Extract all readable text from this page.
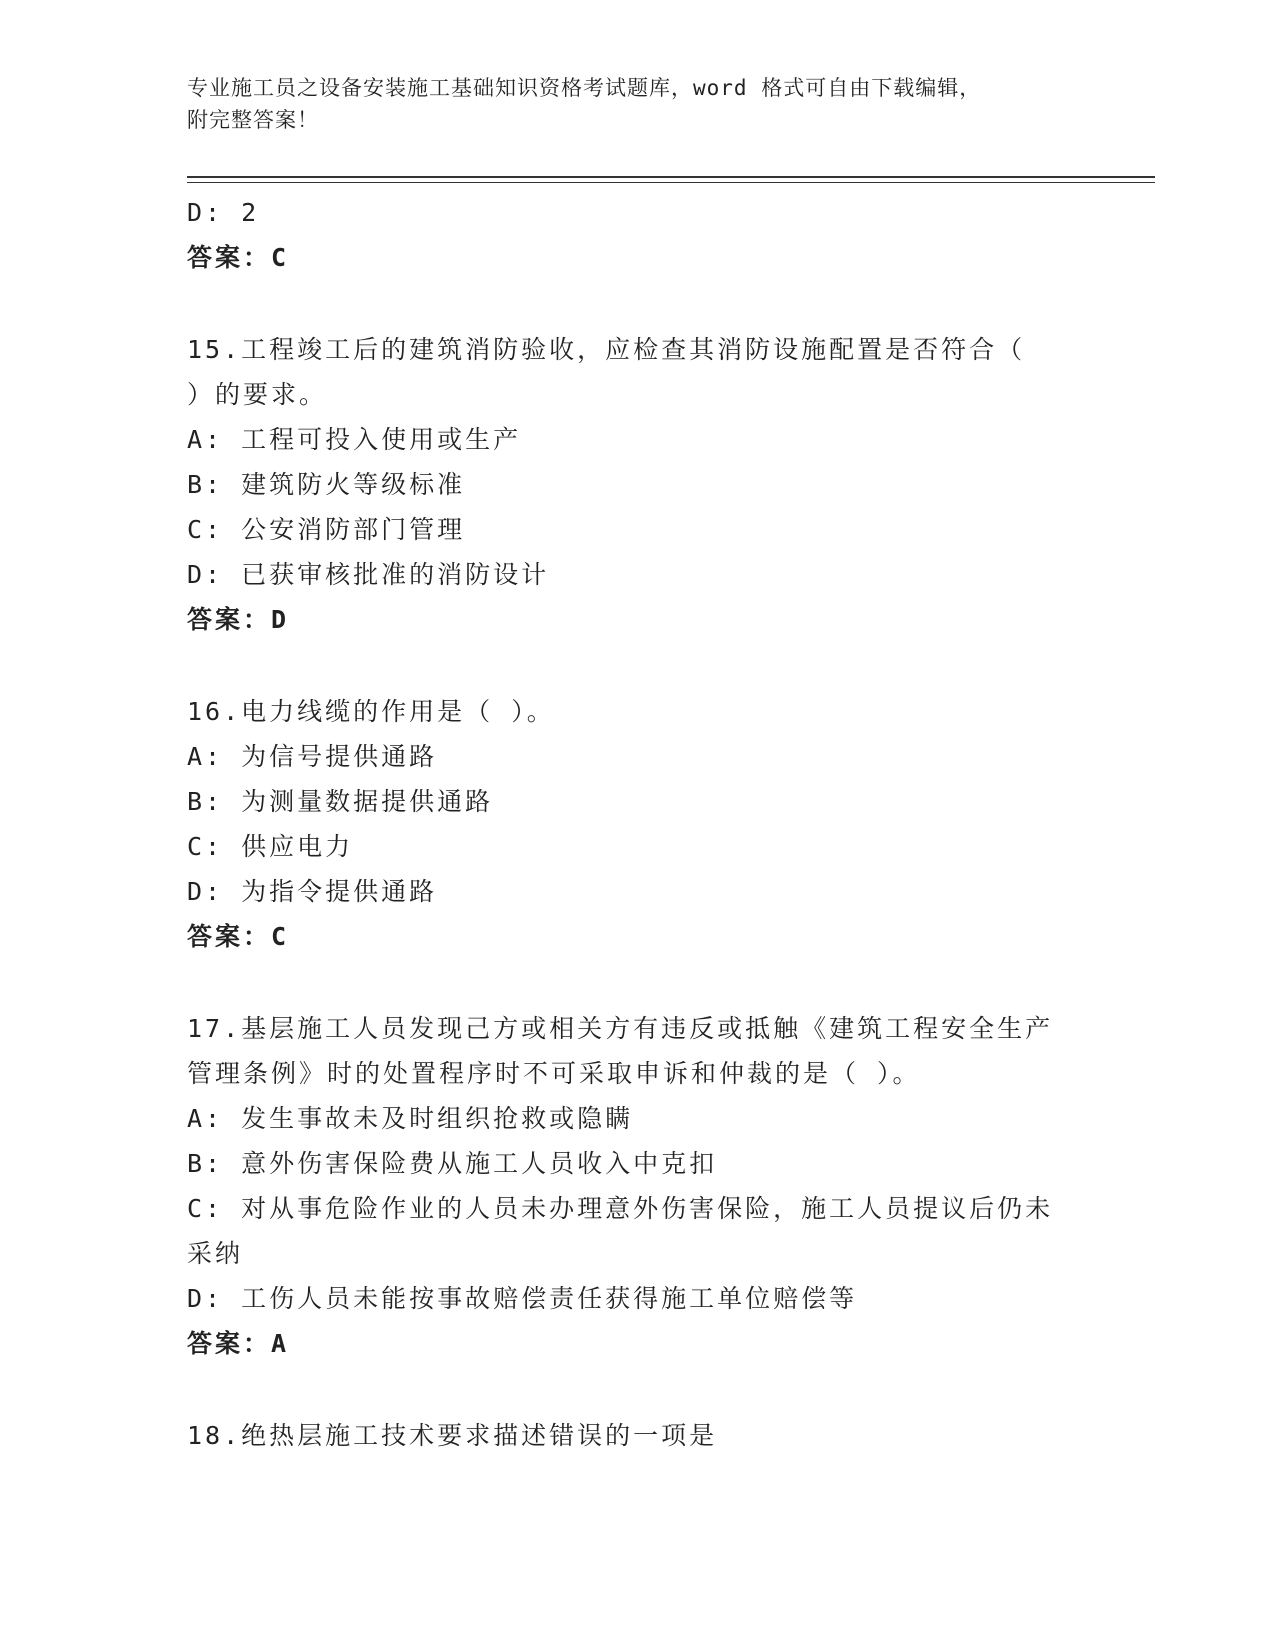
专业施工员之设备安装施工基础知识资格考试题库，word 格式可自由下载编辑，
附完整答案！
D: 2
答案：C
15.工程竣工后的建筑消防验收，应检查其消防设施配置是否符合（
）的要求。
A: 工程可投入使用或生产
B: 建筑防火等级标准
C: 公安消防部门管理
D: 已获审核批准的消防设计
答案：D
16.电力线缆的作用是（ ）。
A: 为信号提供通路
B: 为测量数据提供通路
C: 供应电力
D: 为指令提供通路
答案：C
17.基层施工人员发现己方或相关方有违反或抵触《建筑工程安全生产
管理条例》时的处置程序时不可采取申诉和仲裁的是（ ）。
A: 发生事故未及时组织抢救或隐瞒
B: 意外伤害保险费从施工人员收入中克扣
C: 对从事危险作业的人员未办理意外伤害保险，施工人员提议后仍未
采纳
D: 工伤人员未能按事故赔偿责任获得施工单位赔偿等
答案：A
18.绝热层施工技术要求描述错误的一项是
